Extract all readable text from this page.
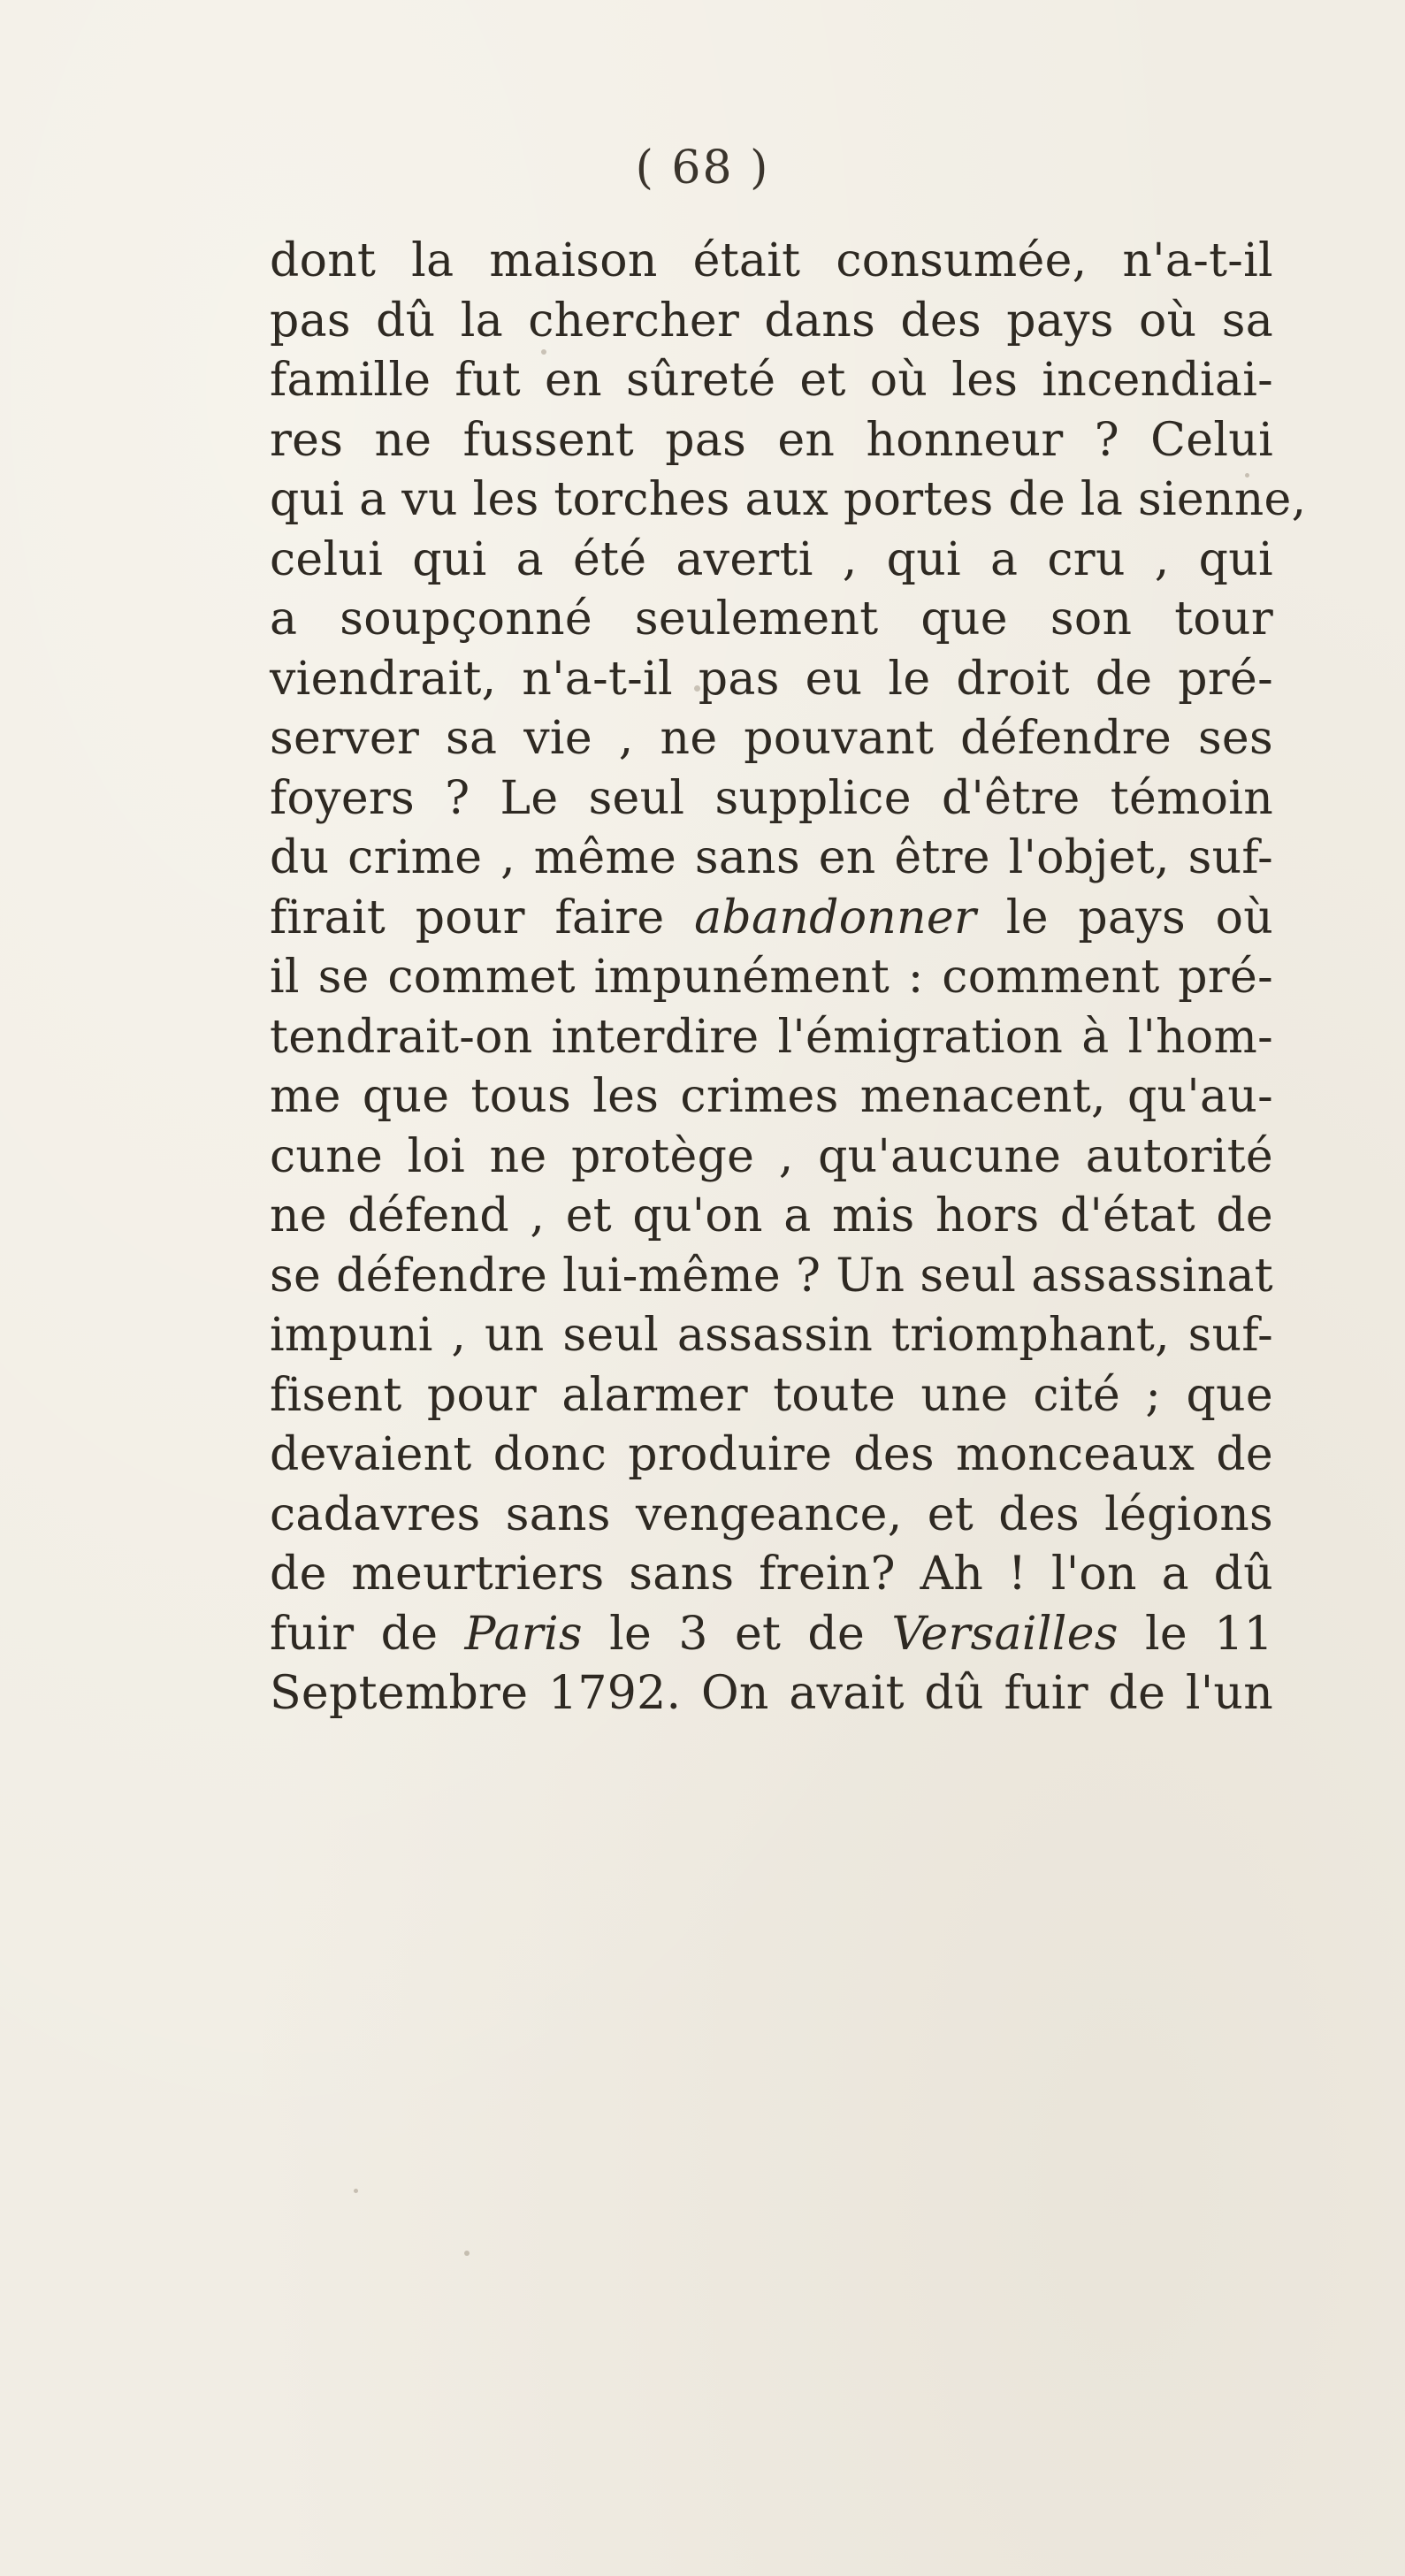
( 68 )
dont la maison était consumée, n'a-t-il
pas dû la chercher dans des pays où sa
famille fut en sûreté et où les incendiai-
res ne fussent pas en honneur ? Celui
qui a vu les torches aux portes de la sienne,
celui qui a été averti , qui a cru , qui
a soupçonné seulement que son tour
viendrait, n'a-t-il pas eu le droit de pré-
server sa vie , ne pouvant défendre ses
foyers ? Le seul supplice d'être témoin
du crime , même sans en être l'objet, suf-
firait pour faire abandonner le pays où
il se commet impunément : comment pré-
tendrait-on interdire l'émigration à l'hom-
me que tous les crimes menacent, qu'au-
cune loi ne protège , qu'aucune autorité
ne défend , et qu'on a mis hors d'état de
se défendre lui-même ? Un seul assassinat
impuni , un seul assassin triomphant, suf-
fisent pour alarmer toute une cité ; que
devaient donc produire des monceaux de
cadavres sans vengeance, et des légions
de meurtriers sans frein? Ah ! l'on a dû
fuir de Paris le 3 et de Versailles le 11
Septembre 1792. On avait dû fuir de l'un
